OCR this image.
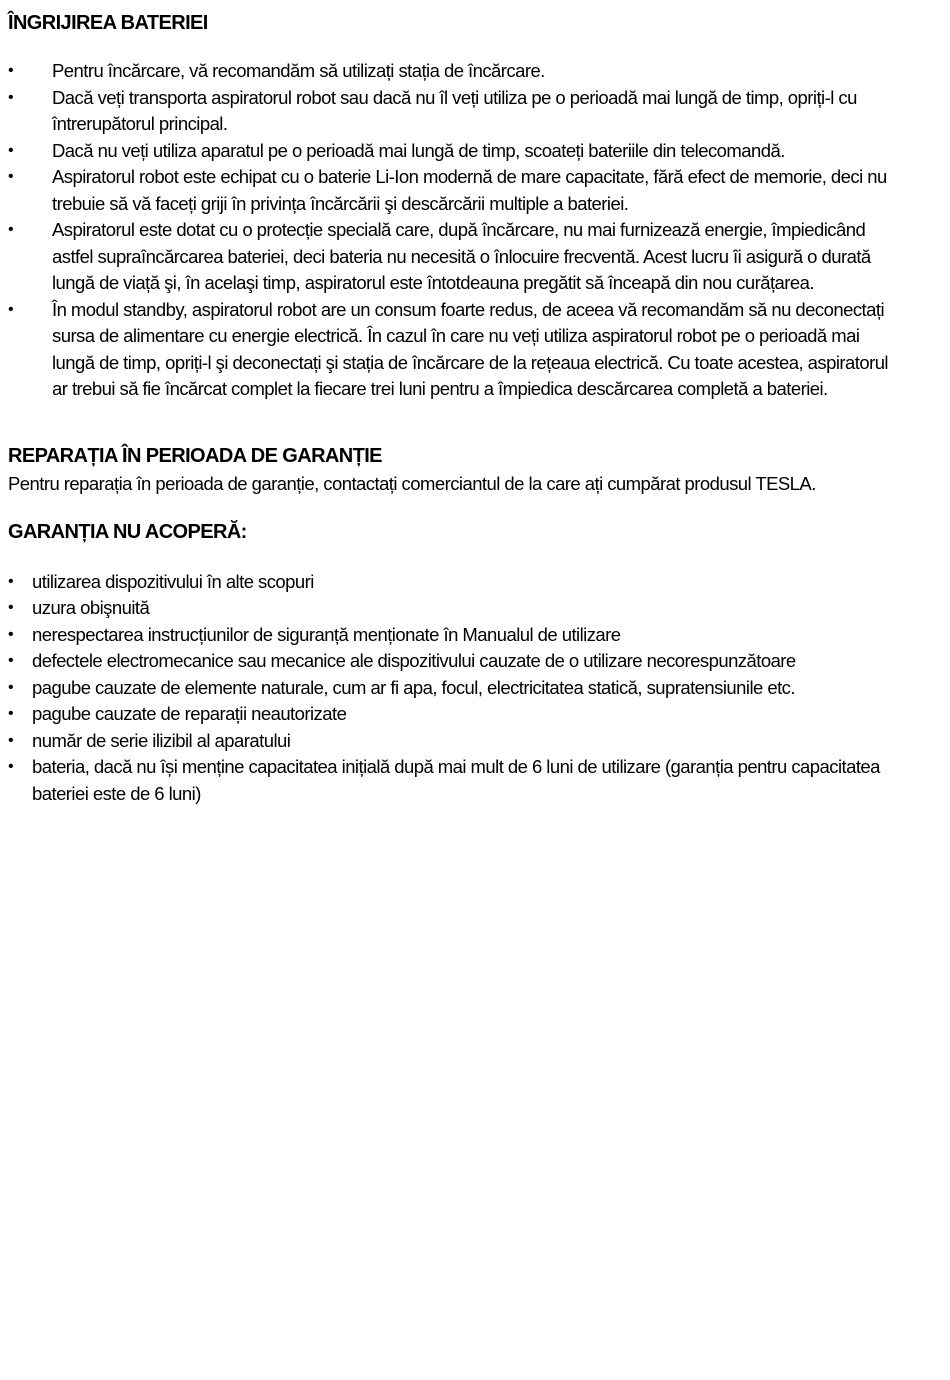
ÎNGRIJIREA BATERIEI
• Pentru încărcare, vă recomandăm să utilizați stația de încărcare.
• Dacă veți transporta aspiratorul robot sau dacă nu îl veți utiliza pe o perioadă mai lungă de timp, opriți-l cu întrerupătorul principal.
• Dacă nu veți utiliza aparatul pe o perioadă mai lungă de timp, scoateți bateriile din telecomandă.
• Aspiratorul robot este echipat cu o baterie Li-Ion modernă de mare capacitate, fără efect de memorie, deci nu trebuie să vă faceți griji în privința încărcării şi descărcării multiple a bateriei.
• Aspiratorul este dotat cu o protecție specială care, după încărcare, nu mai furnizează energie, împiedicând astfel supraîncărcarea bateriei, deci bateria nu necesită o înlocuire frecventă. Acest lucru îi asigură o durată lungă de viață şi, în acelaşi timp, aspiratorul este întotdeauna pregătit să înceapă din nou curățarea.
• În modul standby, aspiratorul robot are un consum foarte redus, de aceea vă recomandăm să nu deconectați sursa de alimentare cu energie electrică. În cazul în care nu veți utiliza aspiratorul robot pe o perioadă mai lungă de timp, opriți-l şi deconectați şi stația de încărcare de la rețeaua electrică. Cu toate acestea, aspiratorul ar trebui să fie încărcat complet la fiecare trei luni pentru a împiedica descărcarea completă a bateriei.
REPARAȚIA ÎN PERIOADA DE GARANȚIE

Pentru reparația în perioada de garanție, contactați comerciantul de la care ați cumpărat produsul TESLA.

GARANȚIA NU ACOPERĂ:
• utilizarea dispozitivului în alte scopuri
• uzura obişnuită
• nerespectarea instrucțiunilor de siguranță menționate în Manualul de utilizare
• defectele electromecanice sau mecanice ale dispozitivului cauzate de o utilizare necorespunzătoare
• pagube cauzate de elemente naturale, cum ar fi apa, focul, electricitatea statică, supratensiunile etc.
• pagube cauzate de reparații neautorizate
• număr de serie ilizibil al aparatului
• bateria, dacă nu își menține capacitatea inițială după mai mult de 6 luni de utilizare (garanția pentru capacitatea bateriei este de 6 luni)
